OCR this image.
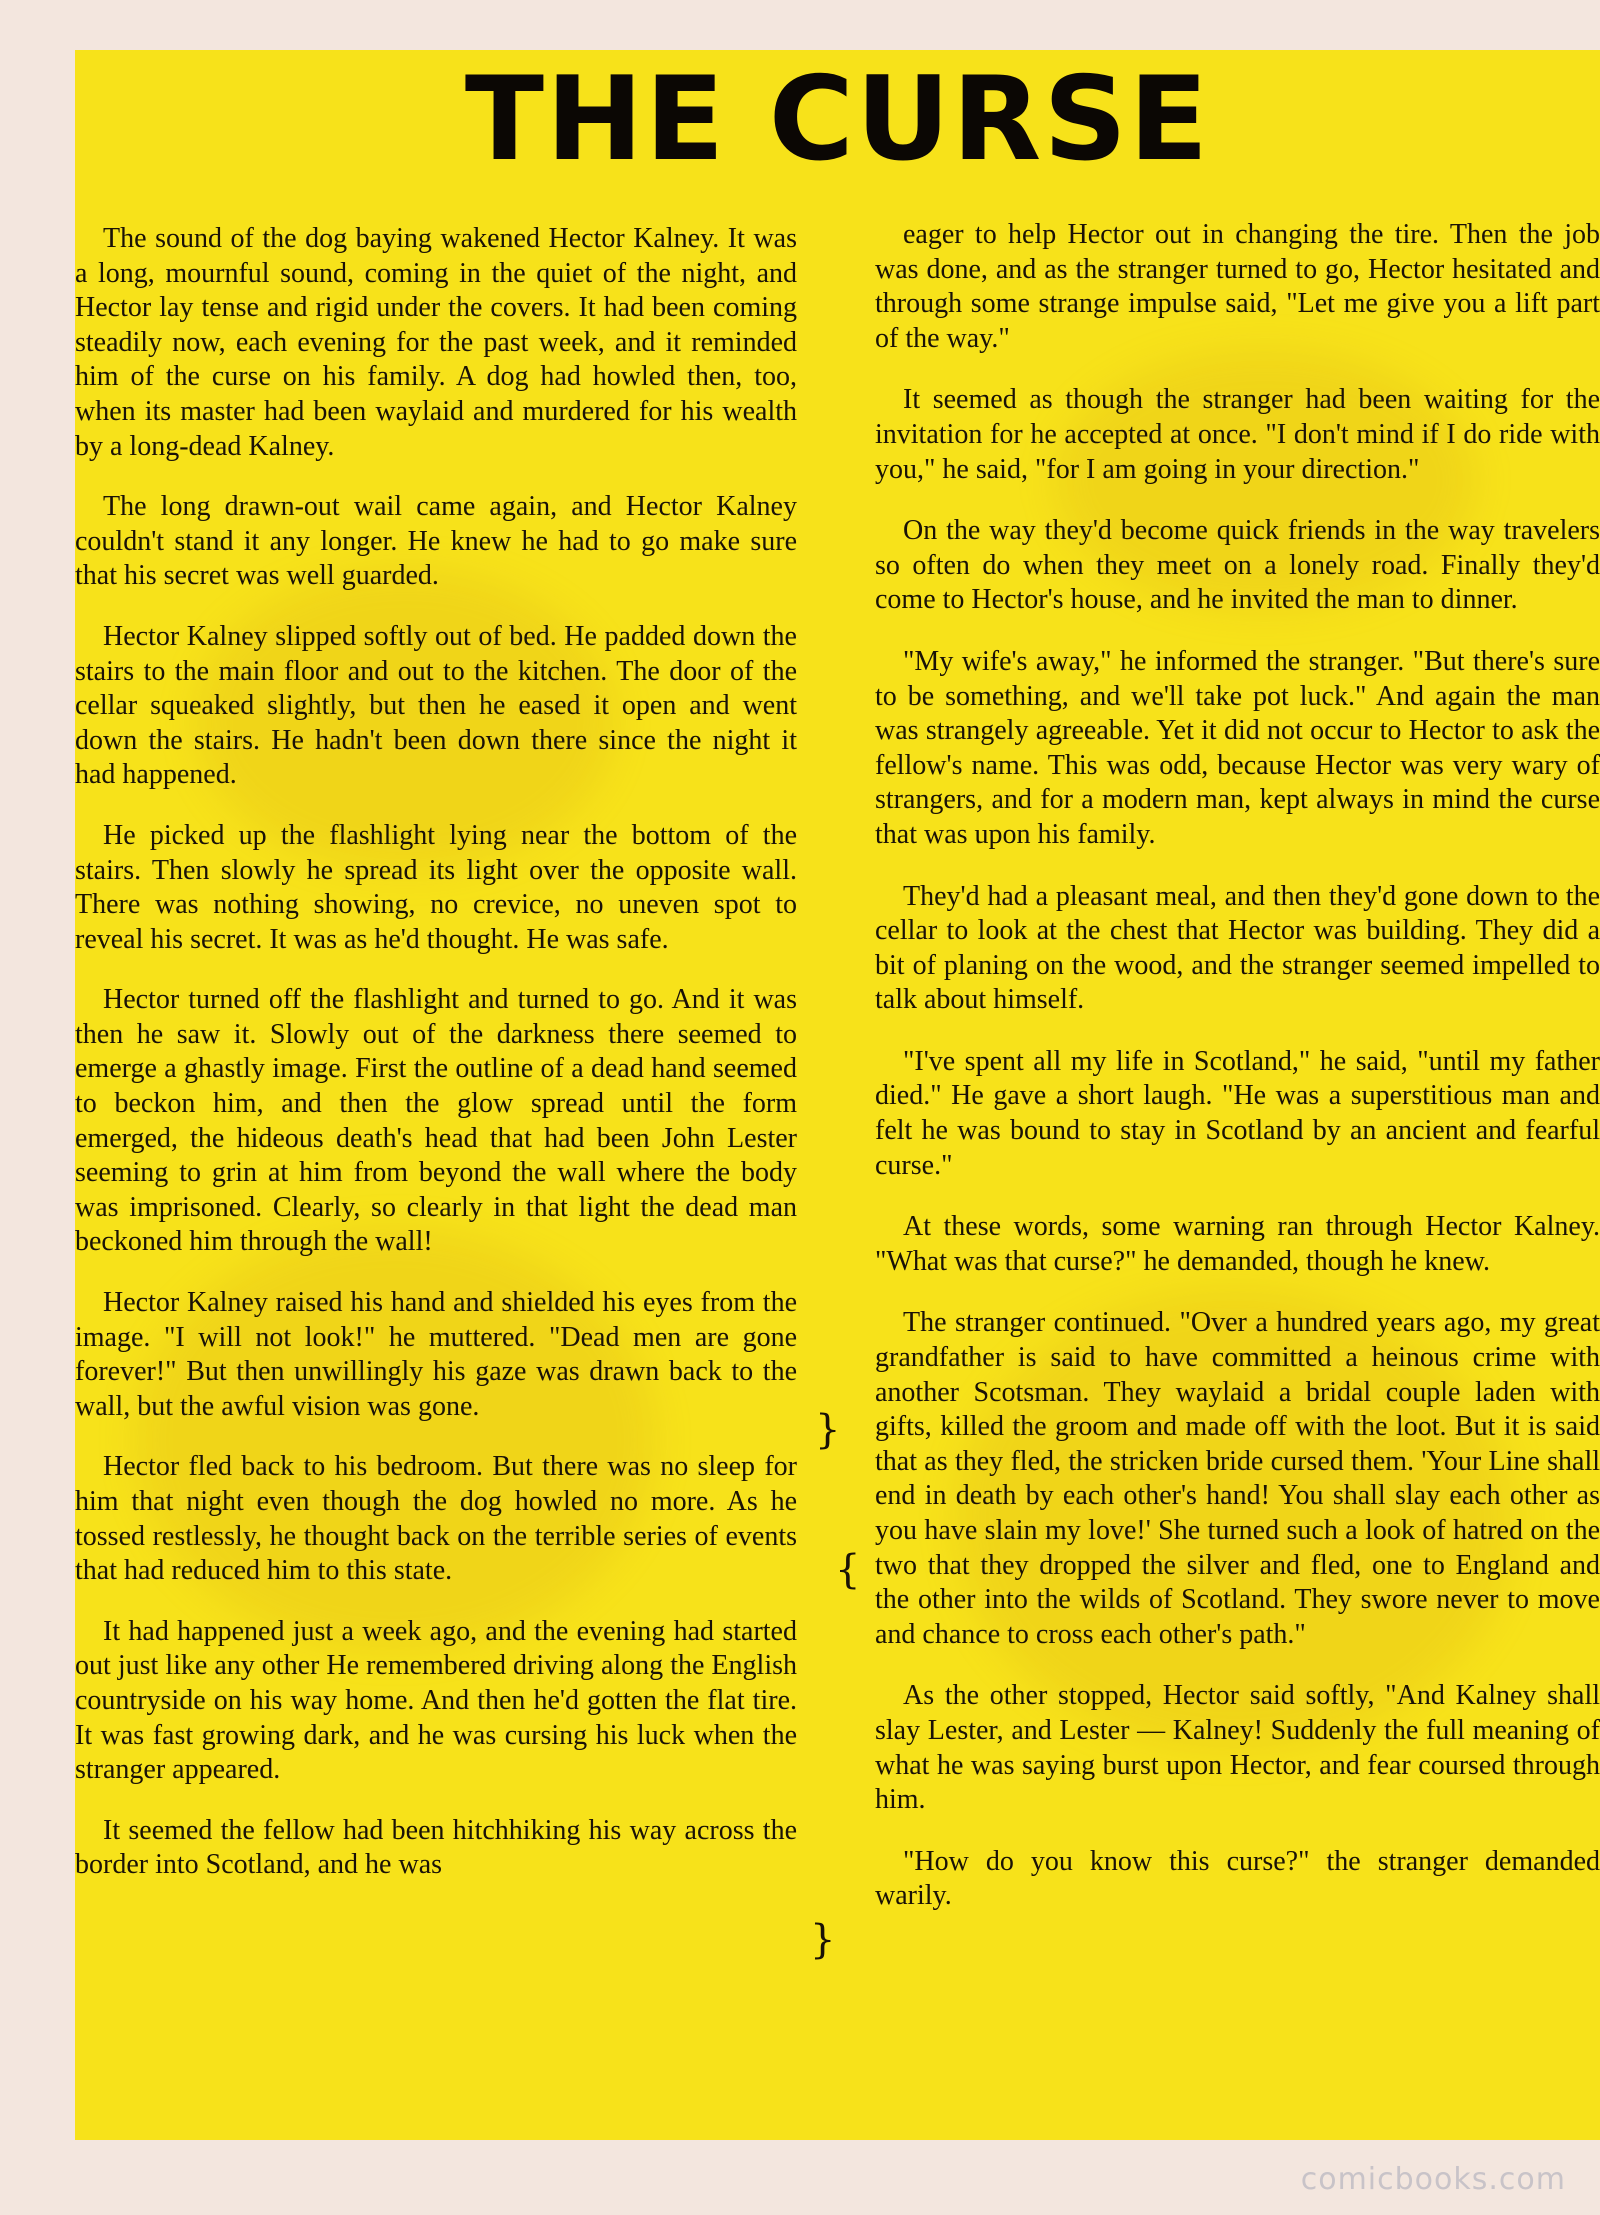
THE CURSE

The sound of the dog baying wakened Hector Kalney. It was a long, mournful sound, coming in the quiet of the night, and Hector lay tense and rigid under the covers. It had been coming steadily now, each evening for the past week, and it reminded him of the curse on his family. A dog had howled then, too, when its master had been waylaid and murdered for his wealth by a long-dead Kalney.

The long drawn-out wail came again, and Hector Kalney couldn't stand it any longer. He knew he had to go make sure that his secret was well guarded.

Hector Kalney slipped softly out of bed. He padded down the stairs to the main floor and out to the kitchen. The door of the cellar squeaked slightly, but then he eased it open and went down the stairs. He hadn't been down there since the night it had happened.

He picked up the flashlight lying near the bottom of the stairs. Then slowly he spread its light over the opposite wall. There was nothing showing, no crevice, no uneven spot to reveal his secret. It was as he'd thought. He was safe.

Hector turned off the flashlight and turned to go. And it was then he saw it. Slowly out of the darkness there seemed to emerge a ghastly image. First the outline of a dead hand seemed to beckon him, and then the glow spread until the form emerged, the hideous death's head that had been John Lester seeming to grin at him from beyond the wall where the body was imprisoned. Clearly, so clearly in that light the dead man beckoned him through the wall!

Hector Kalney raised his hand and shielded his eyes from the image. "I will not look!" he muttered. "Dead men are gone forever!" But then unwillingly his gaze was drawn back to the wall, but the awful vision was gone.

Hector fled back to his bedroom. But there was no sleep for him that night even though the dog howled no more. As he tossed restlessly, he thought back on the terrible series of events that had reduced him to this state.

It had happened just a week ago, and the evening had started out just like any other He remembered driving along the English countryside on his way home. And then he'd gotten the flat tire. It was fast growing dark, and he was cursing his luck when the stranger appeared.

It seemed the fellow had been hitchhiking his way across the border into Scotland, and he was

eager to help Hector out in changing the tire. Then the job was done, and as the stranger turned to go, Hector hesitated and through some strange impulse said, "Let me give you a lift part of the way."

It seemed as though the stranger had been waiting for the invitation for he accepted at once. "I don't mind if I do ride with you," he said, "for I am going in your direction."

On the way they'd become quick friends in the way travelers so often do when they meet on a lonely road. Finally they'd come to Hector's house, and he invited the man to dinner.

"My wife's away," he informed the stranger. "But there's sure to be something, and we'll take pot luck." And again the man was strangely agreeable. Yet it did not occur to Hector to ask the fellow's name. This was odd, because Hector was very wary of strangers, and for a modern man, kept always in mind the curse that was upon his family.

They'd had a pleasant meal, and then they'd gone down to the cellar to look at the chest that Hector was building. They did a bit of planing on the wood, and the stranger seemed impelled to talk about himself.

"I've spent all my life in Scotland," he said, "until my father died." He gave a short laugh. "He was a superstitious man and felt he was bound to stay in Scotland by an ancient and fearful curse."

At these words, some warning ran through Hector Kalney. "What was that curse?" he demanded, though he knew.

The stranger continued. "Over a hundred years ago, my great grandfather is said to have committed a heinous crime with another Scotsman. They waylaid a bridal couple laden with gifts, killed the groom and made off with the loot. But it is said that as they fled, the stricken bride cursed them. 'Your Line shall end in death by each other's hand! You shall slay each other as you have slain my love!' She turned such a look of hatred on the two that they dropped the silver and fled, one to England and the other into the wilds of Scotland. They swore never to move and chance to cross each other's path."

As the other stopped, Hector said softly, "And Kalney shall slay Lester, and Lester — Kalney! Suddenly the full meaning of what he was saying burst upon Hector, and fear coursed through him.

"How do you know this curse?" the stranger demanded warily.

}
{
}
comicbooks.com
